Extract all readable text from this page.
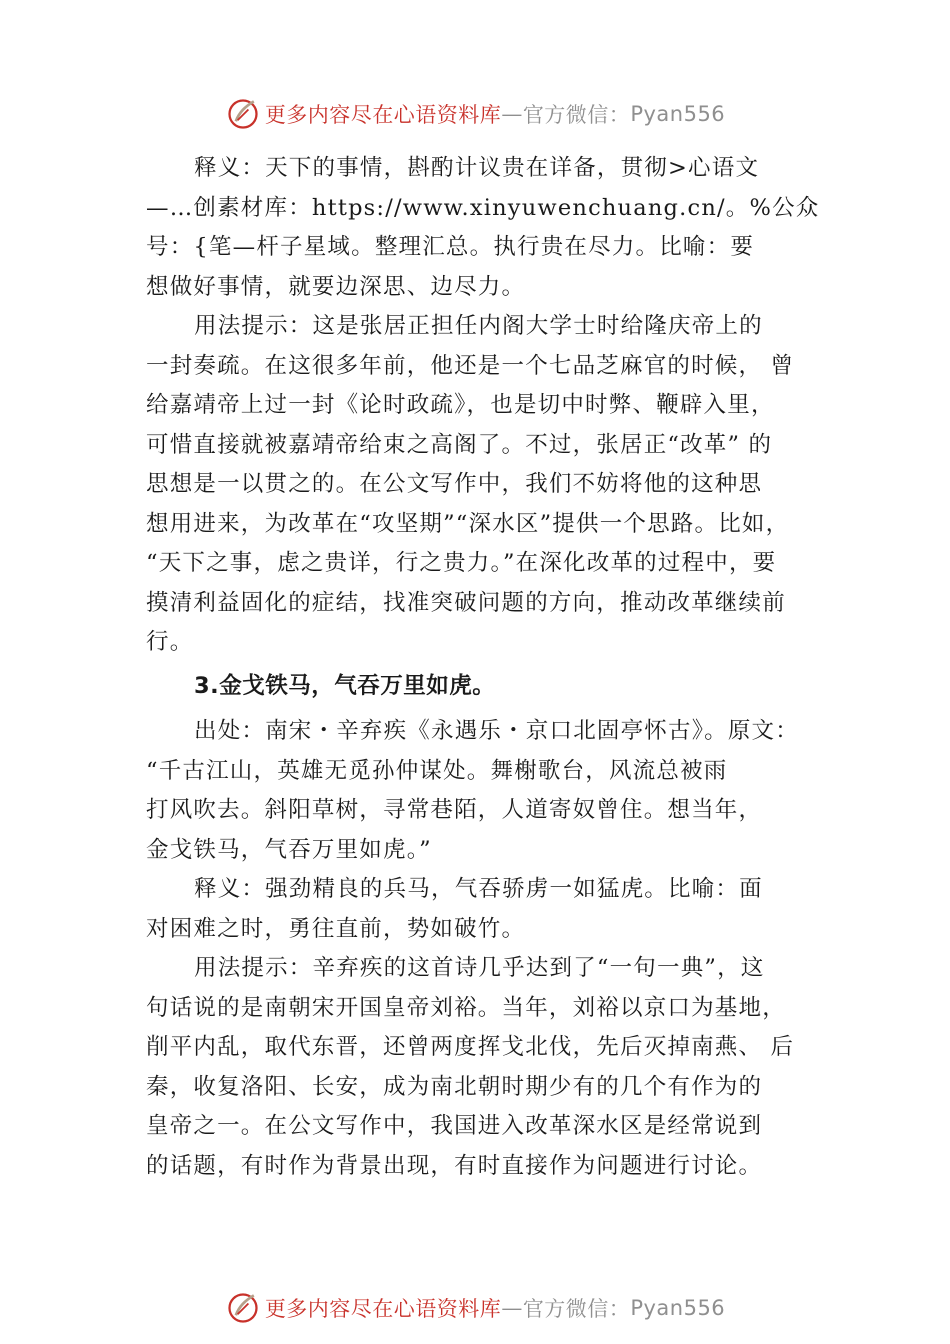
更多内容尽在心语资料库 — 官方微信： Pyan556
释义：天下的事情，斟酌计议贵在详备，贯彻>心语文
—…创素材库：https://www.xinyuwenchuang.cn/。%公众
号：{笔—杆子星域。整理汇总。执行贵在尽力。比喻：要
想做好事情，就要边深思、边尽力。
用法提示：这是张居正担任内阁大学士时给隆庆帝上的
一封奏疏。在这很多年前，他还是一个七品芝麻官的时候， 曾
给嘉靖帝上过一封《论时政疏》，也是切中时弊、鞭辟入里，
可惜直接就被嘉靖帝给束之高阁了。不过，张居正“改革” 的
思想是一以贯之的。在公文写作中，我们不妨将他的这种思
想用进来，为改革在“攻坚期”“深水区”提供一个思路。比如，
“天下之事，虑之贵详，行之贵力。”在深化改革的过程中，要
摸清利益固化的症结，找准突破问题的方向，推动改革继续前
行。
3.金戈铁马，气吞万里如虎。
出处：南宋・辛弃疾《永遇乐・京口北固亭怀古》。原文：
“千古江山，英雄无觅孙仲谋处。舞榭歌台，风流总被雨
打风吹去。斜阳草树，寻常巷陌，人道寄奴曾住。想当年，
金戈铁马，气吞万里如虎。”
释义：强劲精良的兵马，气吞骄虏一如猛虎。比喻：面
对困难之时，勇往直前，势如破竹。
用法提示：辛弃疾的这首诗几乎达到了“一句一典”，这
句话说的是南朝宋开国皇帝刘裕。当年，刘裕以京口为基地，
削平内乱，取代东晋，还曾两度挥戈北伐，先后灭掉南燕、 后
秦，收复洛阳、长安，成为南北朝时期少有的几个有作为的
皇帝之一。在公文写作中，我国进入改革深水区是经常说到
的话题，有时作为背景出现，有时直接作为问题进行讨论。
更多内容尽在心语资料库 — 官方微信： Pyan556
